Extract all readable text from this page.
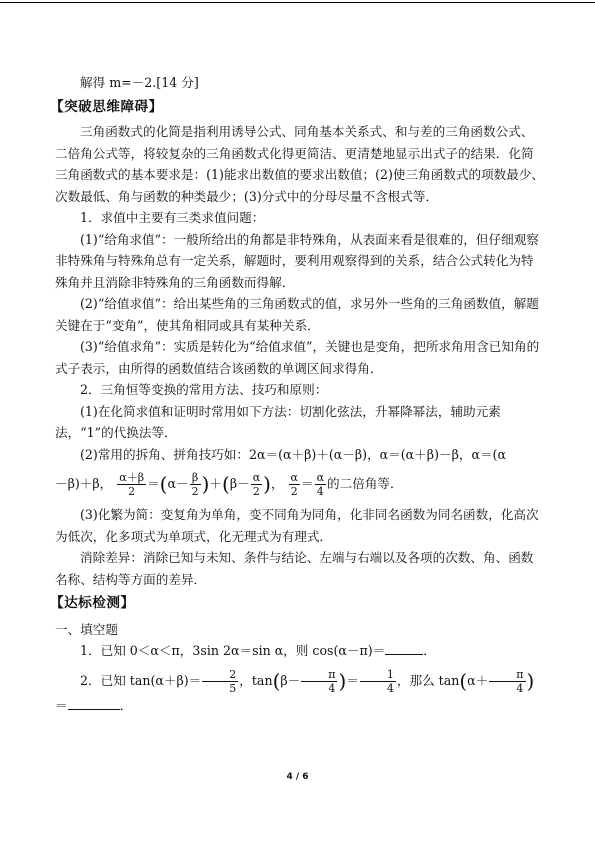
解得 m=－2.[14 分]

【突破思维障碍】

三角函数式的化简是指利用诱导公式、同角基本关系式、和与差的三角函数公式、二倍角公式等，将较复杂的三角函数式化得更简洁、更清楚地显示出式子的结果．化简三角函数式的基本要求是：(1)能求出数值的要求出数值；(2)使三角函数式的项数最少、次数最低、角与函数的种类最少；(3)分式中的分母尽量不含根式等．

1．求值中主要有三类求值问题：

(1)“给角求值”：一般所给出的角都是非特殊角，从表面来看是很难的，但仔细观察非特殊角与特殊角总有一定关系，解题时，要利用观察得到的关系，结合公式转化为特殊角并且消除非特殊角的三角函数而得解．

(2)“给值求值”：给出某些角的三角函数式的值，求另外一些角的三角函数值，解题关键在于“变角”，使其角相同或具有某种关系．

(3)“给值求角”：实质是转化为“给值求值”，关键也是变角，把所求角用含已知角的式子表示，由所得的函数值结合该函数的单调区间求得角．

2．三角恒等变换的常用方法、技巧和原则：

(1)在化简求值和证明时常用如下方法：切割化弦法，升幂降幂法，辅助元素法，“1”的代换法等．

(2)常用的拆角、拼角技巧如：2α＝(α＋β)＋(α－β)，α＝(α＋β)－β，α＝(α

－β)＋β， $\frac{\alpha+\beta}{2} =(\alpha- \frac{\beta}{2} )+(\beta- \frac{\alpha}{2}$ )， $\frac{\alpha}{2} = \frac{\alpha}{4}$ 的二倍角等．

(3)化繁为简：变复角为单角，变不同角为同角，化非同名函数为同名函数，化高次为低次，化多项式为单项式，化无理式为有理式．

消除差异：消除已知与未知、条件与结论、左端与右端以及各项的次数、角、函数名称、结构等方面的差异．

【达标检测】

一、填空题

1．已知 0＜α＜π，3sin 2α＝sin α，则 cos(α－π)＝	．

2．已知 $\tan(\alpha+\beta)= \frac{2}{5}$ ，$\tan(\beta- \frac{\pi}{4}$ )＝ $\frac{1}{4}$ ，那么 $\tan(\alpha+ \frac{\pi}{4}$ )＝	．

4 / 6
